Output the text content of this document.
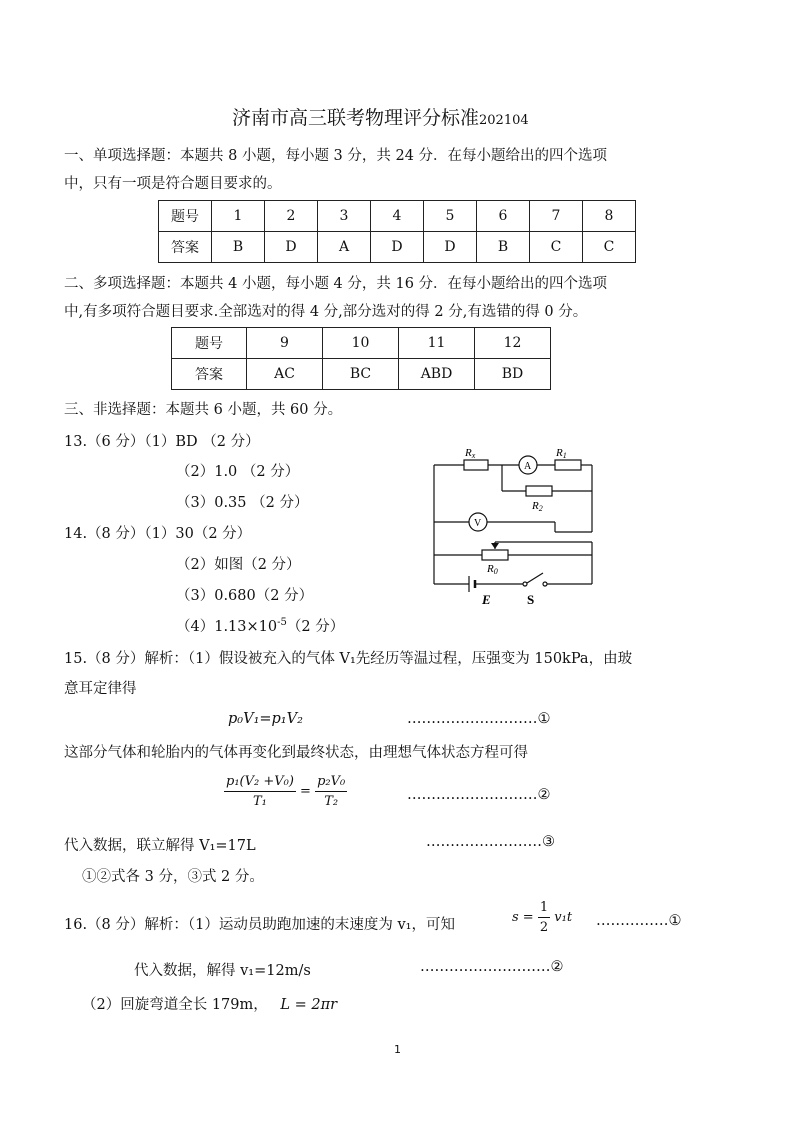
济南市高三联考物理评分标准202104
一、单项选择题：本题共 8 小题，每小题 3 分，共 24 分．在每小题给出的四个选项
中，只有一项是符合题目要求的。
题号	1	2	3	4	5	6	7	8
答案	B	D	A	D	D	B	C	C
二、多项选择题：本题共 4 小题，每小题 4 分，共 16 分．在每小题给出的四个选项
中,有多项符合题目要求.全部选对的得 4 分,部分选对的得 2 分,有选错的得 0 分。
题号	9	10	11	12
答案	AC	BC	ABD	BD
三、非选择题：本题共 6 小题，共 60 分。
13.（6 分）（1）BD （2 分）
（2）1.0 （2 分）
（3）0.35 （2 分）
14.（8 分）（1）30（2 分）
（2）如图（2 分）
（3）0.680（2 分）
$(4)1.13\times 10^{-5}(2$ 分）
Rx	R1
R2
R0
A
V
E	S
15.（8 分）解析：（1）假设被充入的气体 V₁先经历等温过程，压强变为 150kPa，由玻
意耳定律得
p₀V₁=p₁V₂	………………………①
这部分气体和轮胎内的气体再变化到最终状态，由理想气体状态方程可得
$\frac{\text{p₁(V₂ +V₀)}}{\text{T₁}} = \frac{\text{p₂V₀}}{\text{T₂}}$	………………………②
代入数据，联立解得 V₁=17L	……………………③
①②式各 3 分，③式 2 分。
16.（8 分）解析：（1）运动员助跑加速的末速度为 v₁，可知	$s = \frac{1}{2} v_1t$ ……………①
代入数据，解得 v₁=12m/s	………………………②
（2）回旋弯道全长 179m， L = 2πr
1
